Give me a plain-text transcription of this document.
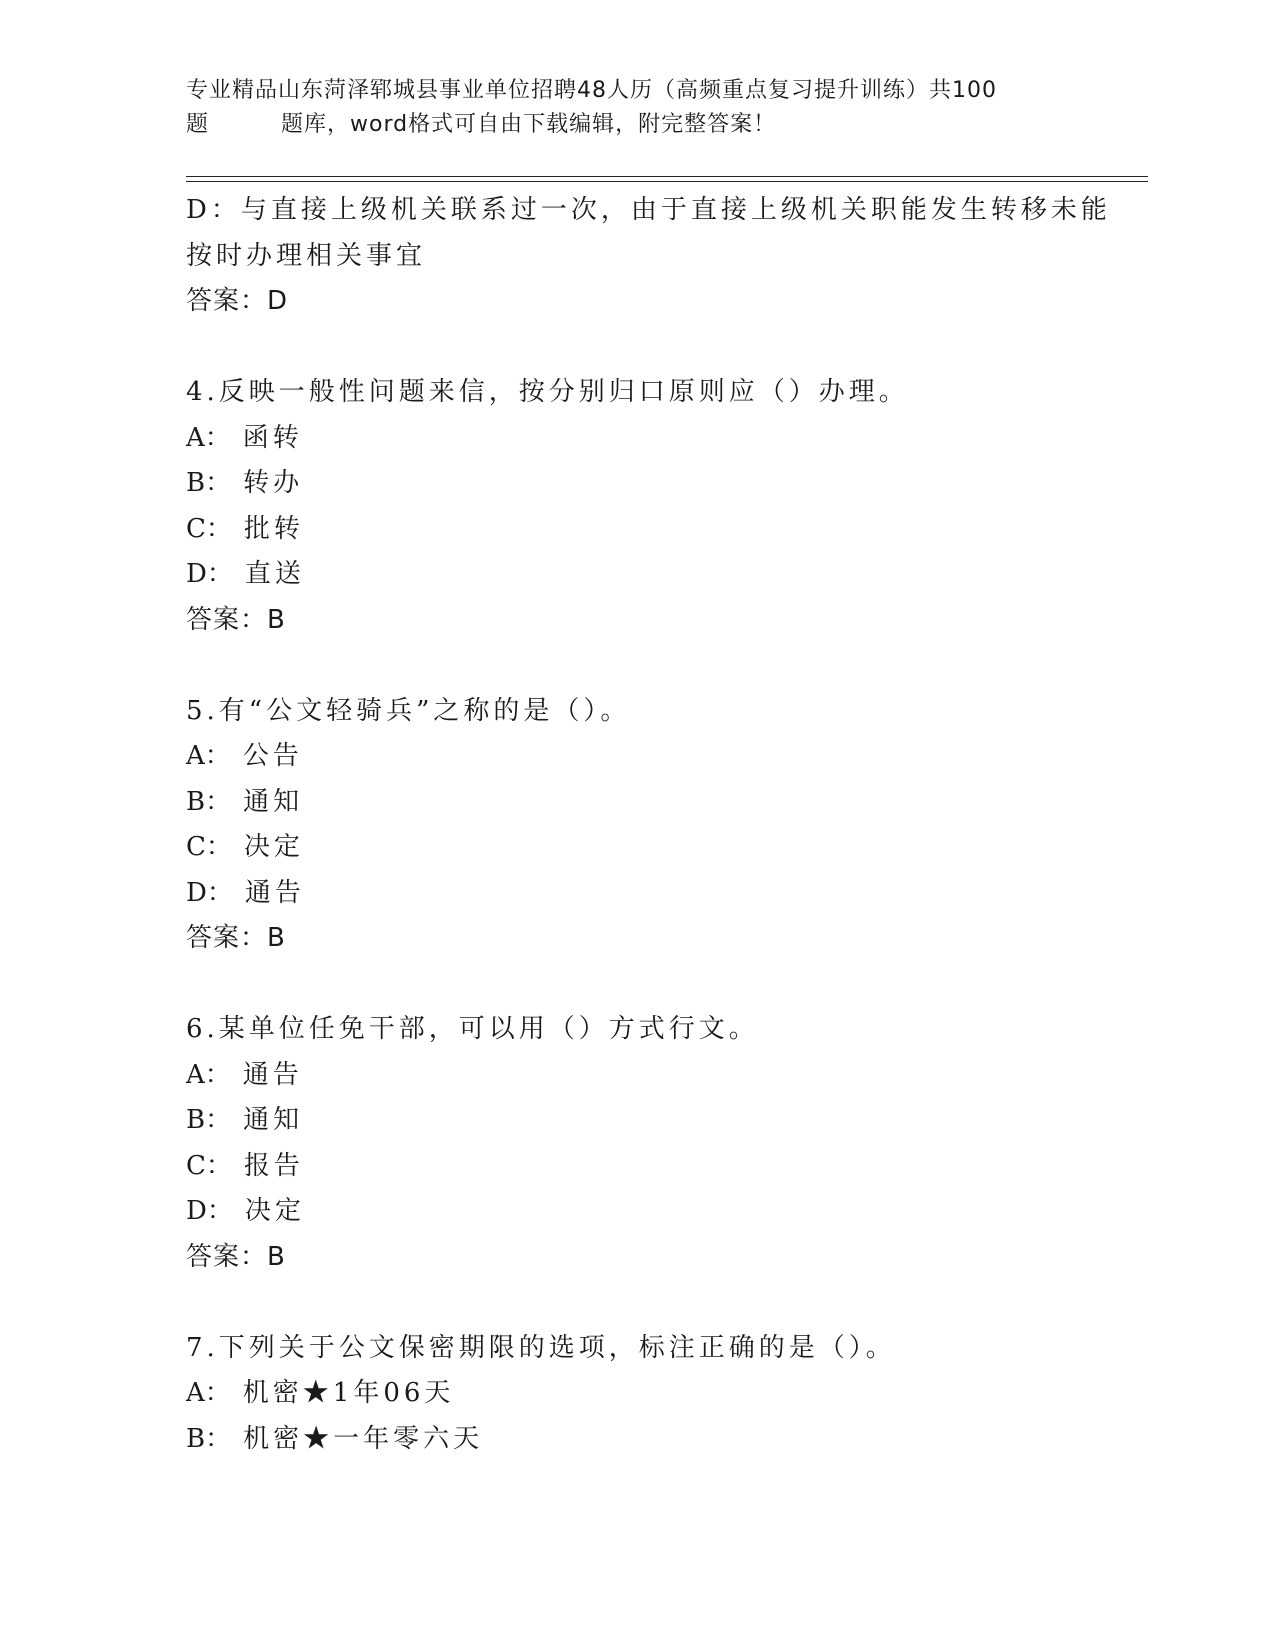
专业精品山东菏泽郓城县事业单位招聘48人历（高频重点复习提升训练）共100
题	题库，word格式可自由下载编辑，附完整答案！
D：与直接上级机关联系过一次，由于直接上级机关职能发生转移未能
按时办理相关事宜
答案：D
4.反映一般性问题来信，按分别归口原则应（）办理。
A： 函转
B： 转办
C： 批转
D： 直送
答案：B
5.有“公文轻骑兵”之称的是（）。
A： 公告
B： 通知
C： 决定
D： 通告
答案：B
6.某单位任免干部，可以用（）方式行文。
A： 通告
B： 通知
C： 报告
D： 决定
答案：B
7.下列关于公文保密期限的选项，标注正确的是（）。
A： 机密★1年06天
B： 机密★一年零六天
